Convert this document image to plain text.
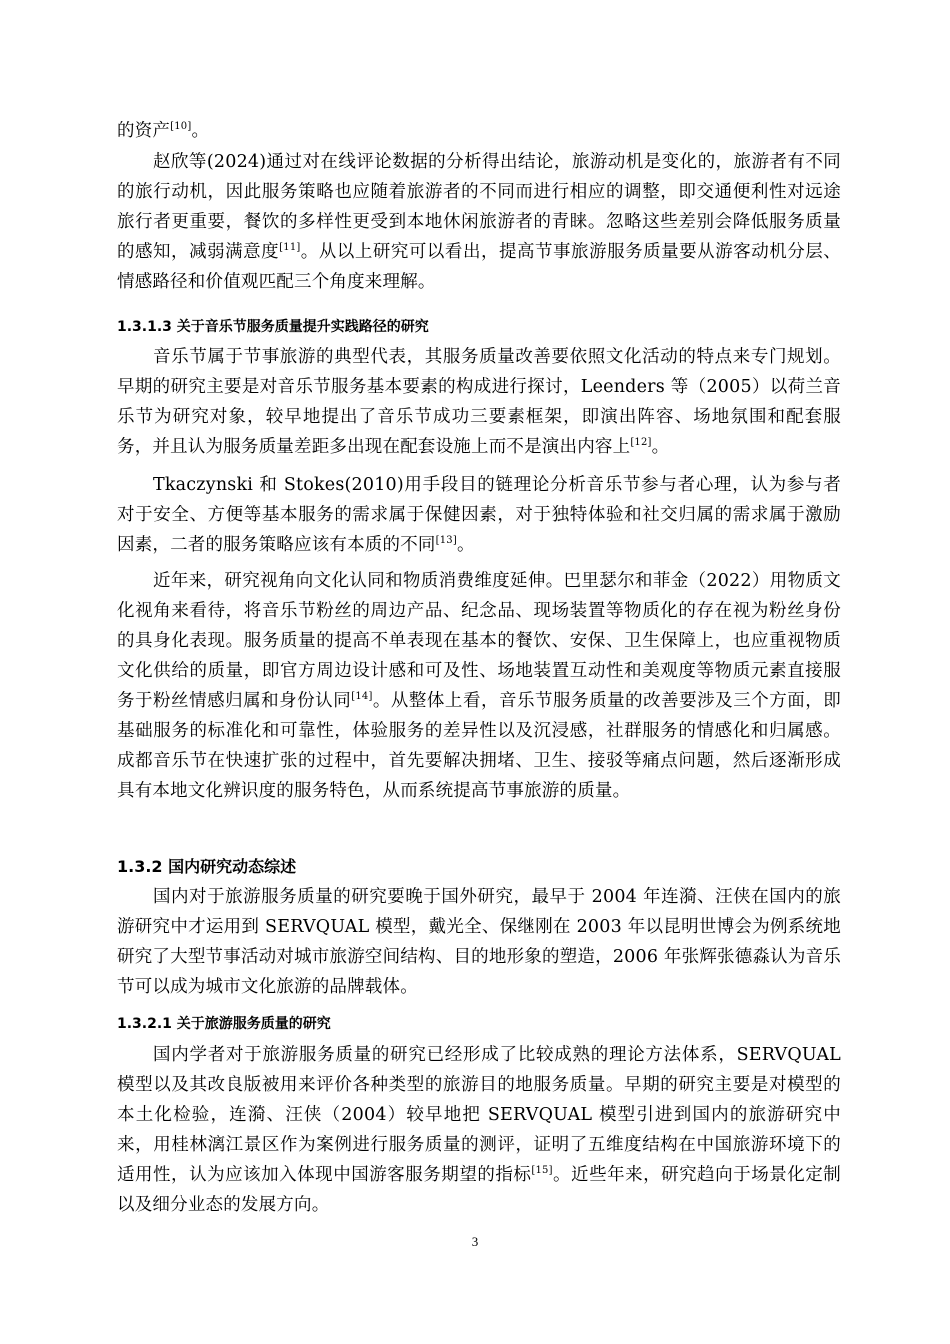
的资产[10]。

赵欣等(2024)通过对在线评论数据的分析得出结论，旅游动机是变化的，旅游者有不同的旅行动机，因此服务策略也应随着旅游者的不同而进行相应的调整，即交通便利性对远途旅行者更重要，餐饮的多样性更受到本地休闲旅游者的青睐。忽略这些差别会降低服务质量的感知，减弱满意度[11]。从以上研究可以看出，提高节事旅游服务质量要从游客动机分层、情感路径和价值观匹配三个角度来理解。

1.3.1.3 关于音乐节服务质量提升实践路径的研究

音乐节属于节事旅游的典型代表，其服务质量改善要依照文化活动的特点来专门规划。早期的研究主要是对音乐节服务基本要素的构成进行探讨，Leenders 等（2005）以荷兰音乐节为研究对象，较早地提出了音乐节成功三要素框架，即演出阵容、场地氛围和配套服务，并且认为服务质量差距多出现在配套设施上而不是演出内容上[12]。

Tkaczynski 和 Stokes(2010)用手段目的链理论分析音乐节参与者心理，认为参与者对于安全、方便等基本服务的需求属于保健因素，对于独特体验和社交归属的需求属于激励因素，二者的服务策略应该有本质的不同[13]。

近年来，研究视角向文化认同和物质消费维度延伸。巴里瑟尔和菲金（2022）用物质文化视角来看待，将音乐节粉丝的周边产品、纪念品、现场装置等物质化的存在视为粉丝身份的具身化表现。服务质量的提高不单表现在基本的餐饮、安保、卫生保障上，也应重视物质文化供给的质量，即官方周边设计感和可及性、场地装置互动性和美观度等物质元素直接服务于粉丝情感归属和身份认同[14]。从整体上看，音乐节服务质量的改善要涉及三个方面，即基础服务的标准化和可靠性，体验服务的差异性以及沉浸感，社群服务的情感化和归属感。成都音乐节在快速扩张的过程中，首先要解决拥堵、卫生、接驳等痛点问题，然后逐渐形成具有本地文化辨识度的服务特色，从而系统提高节事旅游的质量。

1.3.2 国内研究动态综述

国内对于旅游服务质量的研究要晚于国外研究，最早于 2004 年连漪、汪侠在国内的旅游研究中才运用到 SERVQUAL 模型，戴光全、保继刚在 2003 年以昆明世博会为例系统地研究了大型节事活动对城市旅游空间结构、目的地形象的塑造，2006 年张辉张德淼认为音乐节可以成为城市文化旅游的品牌载体。

1.3.2.1 关于旅游服务质量的研究

国内学者对于旅游服务质量的研究已经形成了比较成熟的理论方法体系，SERVQUAL 模型以及其改良版被用来评价各种类型的旅游目的地服务质量。早期的研究主要是对模型的本土化检验，连漪、汪侠（2004）较早地把 SERVQUAL 模型引进到国内的旅游研究中来，用桂林漓江景区作为案例进行服务质量的测评，证明了五维度结构在中国旅游环境下的适用性，认为应该加入体现中国游客服务期望的指标[15]。近些年来，研究趋向于场景化定制以及细分业态的发展方向。

3
